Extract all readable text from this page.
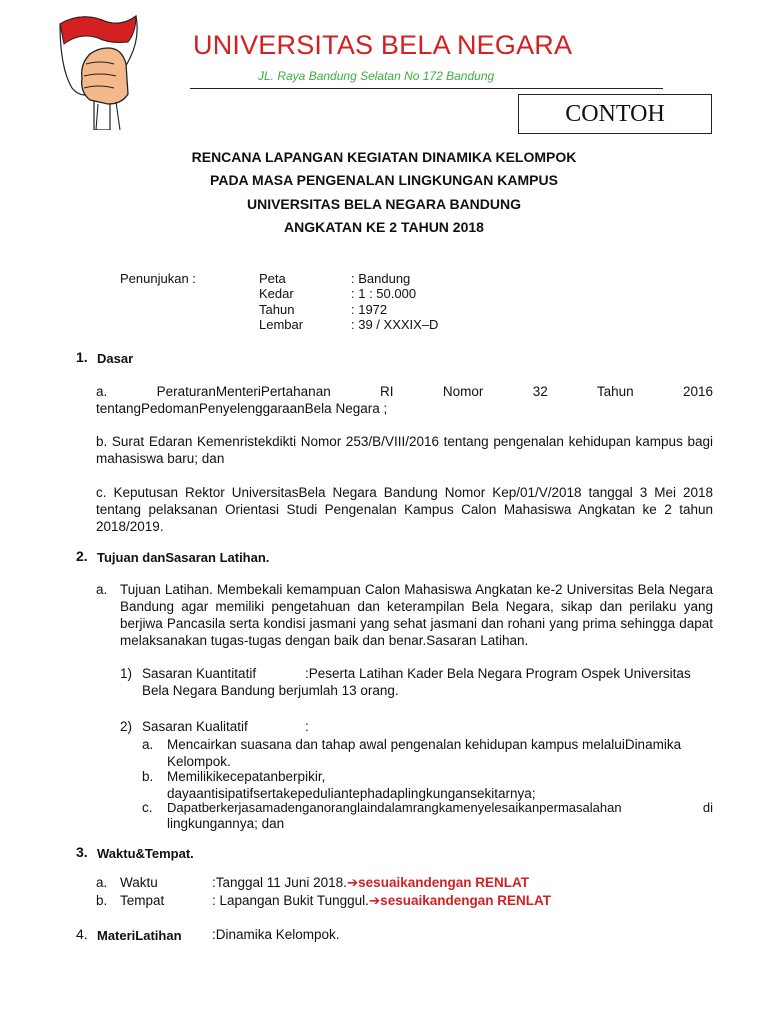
UNIVERSITAS BELA NEGARA
JL. Raya Bandung Selatan No 172 Bandung
CONTOH
RENCANA LAPANGAN KEGIATAN DINAMIKA KELOMPOK
PADA MASA PENGENALAN LINGKUNGAN KAMPUS
UNIVERSITAS BELA NEGARA BANDUNG
ANGKATAN KE 2 TAHUN 2018
Penunjukan :	Peta	: Bandung
Kedar	: 1 : 50.000
Tahun	: 1972
Lembar	: 39 / XXXIX–D
1. Dasar
a. PeraturanMenteriPertahanan RI Nomor 32 Tahun 2016
tentangPedomanPenyelenggaraanBela Negara ;
b. Surat Edaran Kemenristekdikti Nomor 253/B/VIII/2016 tentang pengenalan kehidupan kampus bagi mahasiswa baru; dan
c. Keputusan Rektor UniversitasBela Negara Bandung Nomor Kep/01/V/2018 tanggal 3 Mei 2018 tentang pelaksanan Orientasi Studi Pengenalan Kampus Calon Mahasiswa Angkatan ke 2 tahun 2018/2019.
2. Tujuan danSasaran Latihan.
a. Tujuan Latihan. Membekali kemampuan Calon Mahasiswa Angkatan ke-2 Universitas Bela Negara Bandung agar memiliki pengetahuan dan keterampilan Bela Negara, sikap dan perilaku yang berjiwa Pancasila serta kondisi jasmani yang sehat jasmani dan rohani yang prima sehingga dapat melaksanakan tugas-tugas dengan baik dan benar.Sasaran Latihan.
1) Sasaran Kuantitatif	:Peserta Latihan Kader Bela Negara Program Ospek Universitas
Bela Negara Bandung berjumlah 13 orang.
2) Sasaran Kualitatif	:
a. Mencairkan suasana dan tahap awal pengenalan kehidupan kampus melaluiDinamika Kelompok.
b. Memilikikecepatanberpikir, dayaantisipatifsertakepeduliantерhadaplingkungansekitarnya;
c. Dapatberkerjasamadenganoranglaindalamrangkamenyelesaikanpermasalahan di
lingkungannya; dan
3. Waktu&Tempat.
a. Waktu	:Tanggal 11 Juni 2018.➔sesuaikandengan RENLAT
b. Tempat	: Lapangan Bukit Tunggul.➔sesuaikandengan RENLAT
4. MateriLatihan :Dinamika Kelompok.
